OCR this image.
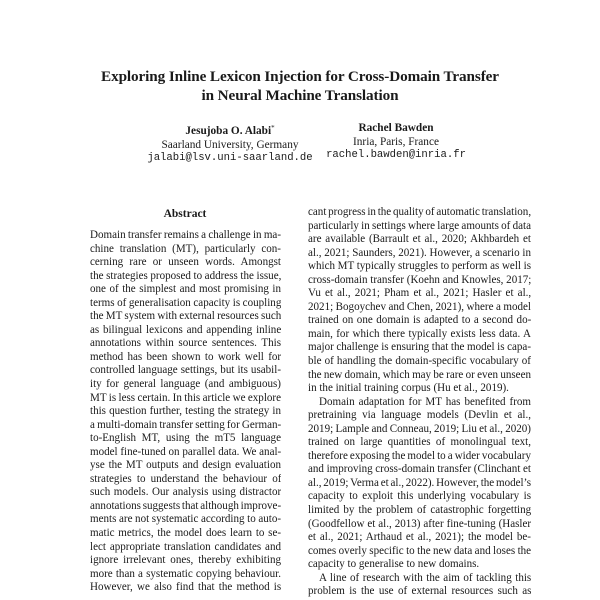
Exploring Inline Lexicon Injection for Cross-Domain Transfer
in Neural Machine Translation
Jesujoba O. Alabi*
Saarland University, Germany
jalabi@lsv.uni-saarland.de
Rachel Bawden
Inria, Paris, France
rachel.bawden@inria.fr
Abstract
Domain transfer remains a challenge in ma-
chine translation (MT), particularly con-
cerning rare or unseen words. Amongst
the strategies proposed to address the issue,
one of the simplest and most promising in
terms of generalisation capacity is coupling
the MT system with external resources such
as bilingual lexicons and appending inline
annotations within source sentences. This
method has been shown to work well for
controlled language settings, but its usabil-
ity for general language (and ambiguous)
MT is less certain. In this article we explore
this question further, testing the strategy in
a multi-domain transfer setting for German-
to-English MT, using the mT5 language
model fine-tuned on parallel data. We anal-
yse the MT outputs and design evaluation
strategies to understand the behaviour of
such models. Our analysis using distractor
annotations suggests that although improve-
ments are not systematic according to auto-
matic metrics, the model does learn to se-
lect appropriate translation candidates and
ignore irrelevant ones, thereby exhibiting
more than a systematic copying behaviour.
However, we also find that the method is
cant progress in the quality of automatic translation,
particularly in settings where large amounts of data
are available (Barrault et al., 2020; Akhbardeh et
al., 2021; Saunders, 2021). However, a scenario in
which MT typically struggles to perform as well is
cross-domain transfer (Koehn and Knowles, 2017;
Vu et al., 2021; Pham et al., 2021; Hasler et al.,
2021; Bogoychev and Chen, 2021), where a model
trained on one domain is adapted to a second do-
main, for which there typically exists less data. A
major challenge is ensuring that the model is capa-
ble of handling the domain-specific vocabulary of
the new domain, which may be rare or even unseen
in the initial training corpus (Hu et al., 2019).
Domain adaptation for MT has benefited from
pretraining via language models (Devlin et al.,
2019; Lample and Conneau, 2019; Liu et al., 2020)
trained on large quantities of monolingual text,
therefore exposing the model to a wider vocabulary
and improving cross-domain transfer (Clinchant et
al., 2019; Verma et al., 2022). However, the model’s
capacity to exploit this underlying vocabulary is
limited by the problem of catastrophic forgetting
(Goodfellow et al., 2013) after fine-tuning (Hasler
et al., 2021; Arthaud et al., 2021); the model be-
comes overly specific to the new data and loses the
capacity to generalise to new domains.
A line of research with the aim of tackling this
problem is the use of external resources such as
